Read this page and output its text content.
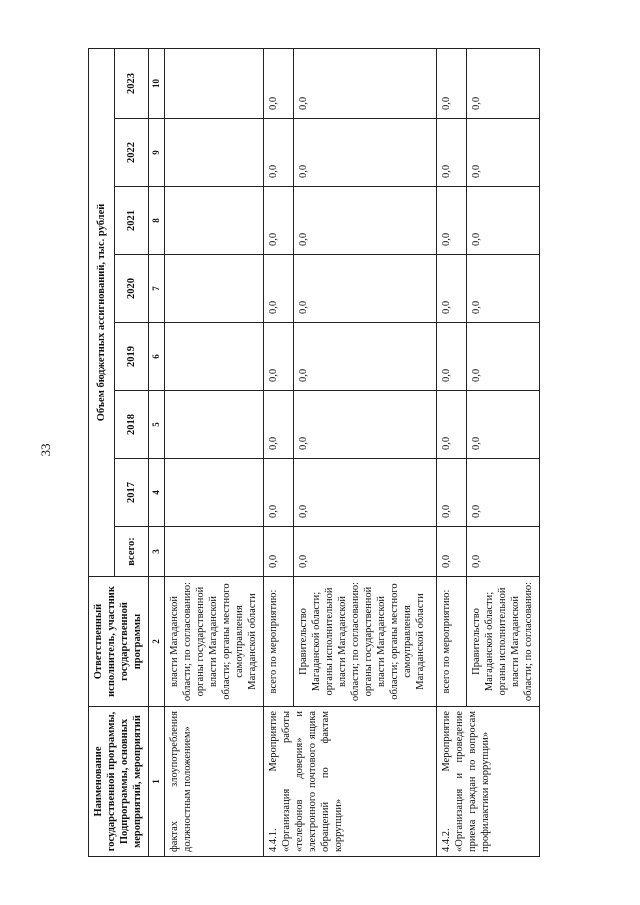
33
Наименование государственной программы, Подпрограммы, основных мероприятий, мероприятий	Ответственный исполнитель, участник государственной программы	Объем бюджетных ассигнований, тыс. рублей							
		всего:	2017	2018	2019	2020	2021	2022	2023
1	2	3	4	5	6	7	8	9	10
фактах злоупотребления должностным положением»	власти Магаданской области; по согласованию: органы государственной власти Магаданской области; органы местного самоуправления Магаданской области								
4.4.1. Мероприятие «Организация работы «телефонов доверия» и электронного почтового ящика обращений по фактам коррупции»	всего по мероприятию:	0,0	0,0	0,0	0,0	0,0	0,0	0,0	0,0
	Правительство Магаданской области; органы исполнительной власти Магаданской области; по согласованию: органы государственной власти Магаданской области; органы местного самоуправления Магаданской области	0,0	0,0	0,0	0,0	0,0	0,0	0,0	0,0
4.4.2. Мероприятие «Организация и проведение приема граждан по вопросам профилактики коррупции»	всего по мероприятию:	0,0	0,0	0,0	0,0	0,0	0,0	0,0	0,0
	Правительство Магаданской области; органы исполнительной власти Магаданской области; по согласованию:	0,0	0,0	0,0	0,0	0,0	0,0	0,0	0,0
